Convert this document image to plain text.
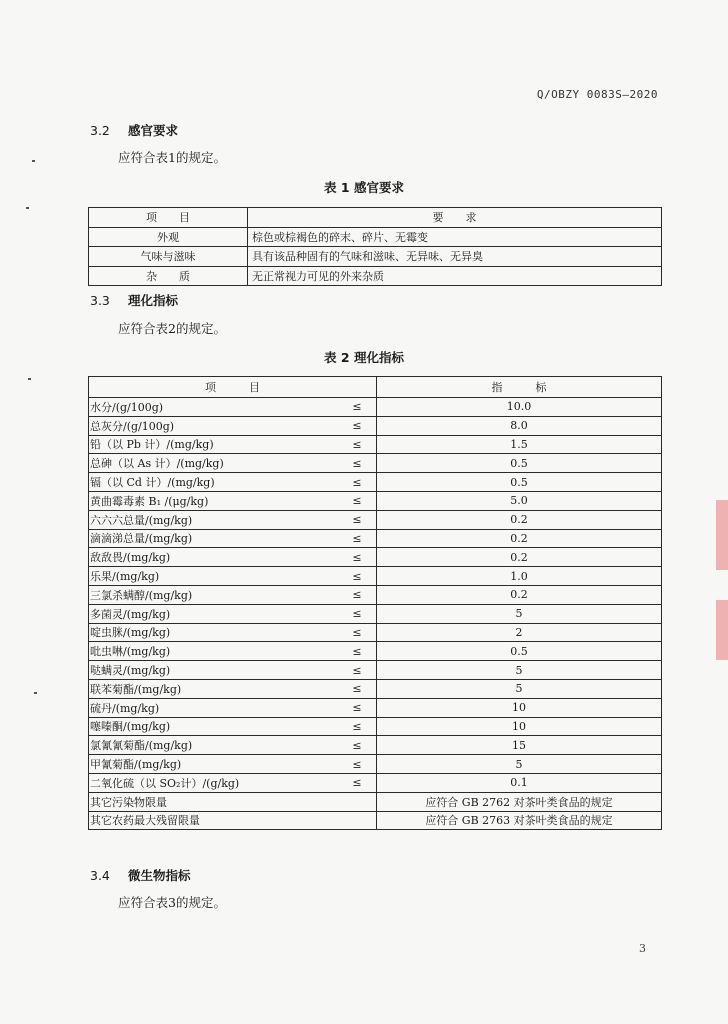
Q/OBZY 0083S—2020
3.2 感官要求
应符合表1的规定。
表 1 感官要求
项　　目	要　　求
外观	棕色或棕褐色的碎末、碎片、无霉变
气味与滋味	具有该品种固有的气味和滋味、无异味、无异臭
杂　　质	无正常视力可见的外来杂质
3.3 理化指标
应符合表2的规定。
表 2 理化指标
项　　　目		指　　　标
水分/(g/100g)	≤	10.0
总灰分/(g/100g)	≤	8.0
铅（以 Pb 计）/(mg/kg)	≤	1.5
总砷（以 As 计）/(mg/kg)	≤	0.5
镉（以 Cd 计）/(mg/kg)	≤	0.5
黄曲霉毒素 B₁ /(μg/kg)	≤	5.0
六六六总量/(mg/kg)	≤	0.2
滴滴涕总量/(mg/kg)	≤	0.2
敌敌畏/(mg/kg)	≤	0.2
乐果/(mg/kg)	≤	1.0
三氯杀螨醇/(mg/kg)	≤	0.2
多菌灵/(mg/kg)	≤	5
啶虫脒/(mg/kg)	≤	2
吡虫啉/(mg/kg)	≤	0.5
哒螨灵/(mg/kg)	≤	5
联苯菊酯/(mg/kg)	≤	5
硫丹/(mg/kg)	≤	10
噻嗪酮/(mg/kg)	≤	10
氯氰氰菊酯/(mg/kg)	≤	15
甲氰菊酯/(mg/kg)	≤	5
二氧化硫（以 SO₂计）/(g/kg)	≤	0.1
其它污染物限量		应符合 GB 2762 对茶叶类食品的规定
其它农药最大残留限量		应符合 GB 2763 对茶叶类食品的规定
3.4 微生物指标
应符合表3的规定。
3
